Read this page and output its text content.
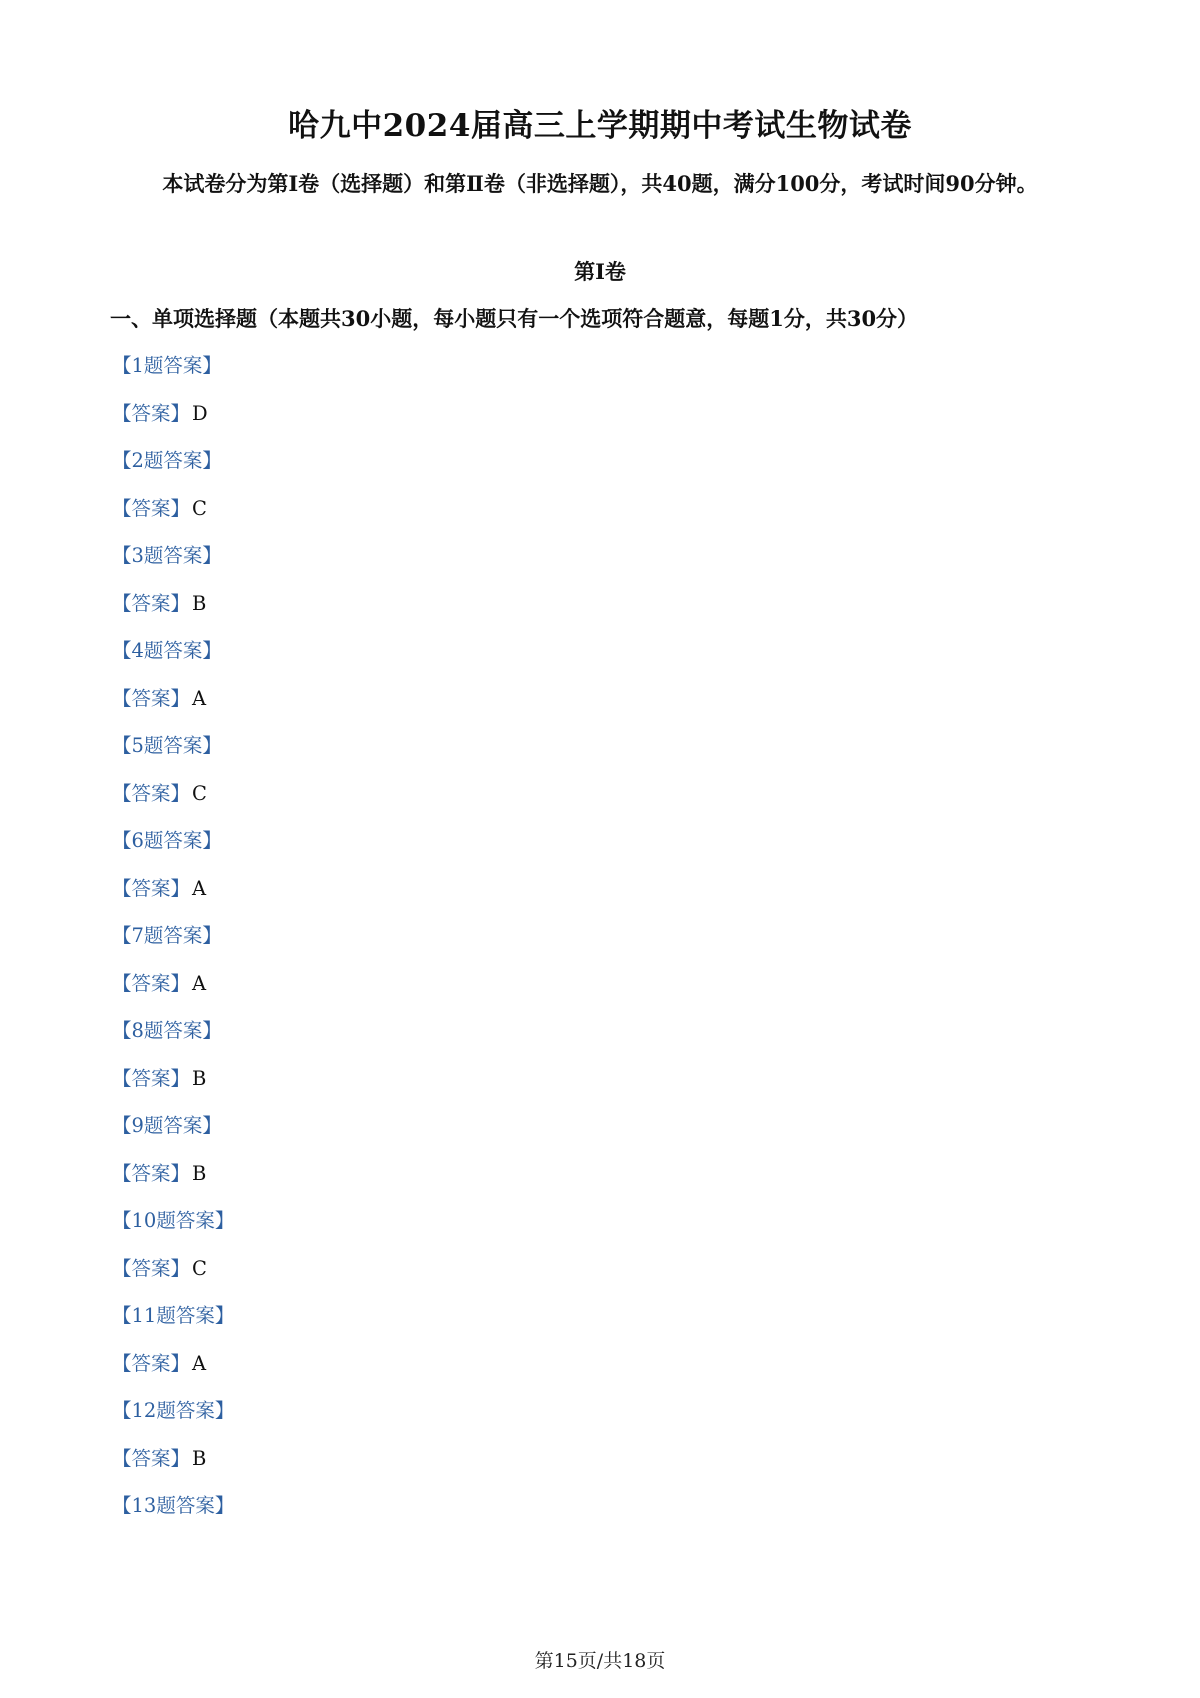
哈九中2024届高三上学期期中考试生物试卷
本试卷分为第Ⅰ卷（选择题）和第Ⅱ卷（非选择题），共40题，满分100分，考试时间90分钟。
第Ⅰ卷
一、单项选择题（本题共30小题，每小题只有一个选项符合题意，每题1分，共30分）
【1题答案】
【答案】 D
【2题答案】
【答案】 C
【3题答案】
【答案】 B
【4题答案】
【答案】 A
【5题答案】
【答案】 C
【6题答案】
【答案】 A
【7题答案】
【答案】 A
【8题答案】
【答案】 B
【9题答案】
【答案】 B
【10题答案】
【答案】 C
【11题答案】
【答案】 A
【12题答案】
【答案】 B
【13题答案】
第15页/共18页
